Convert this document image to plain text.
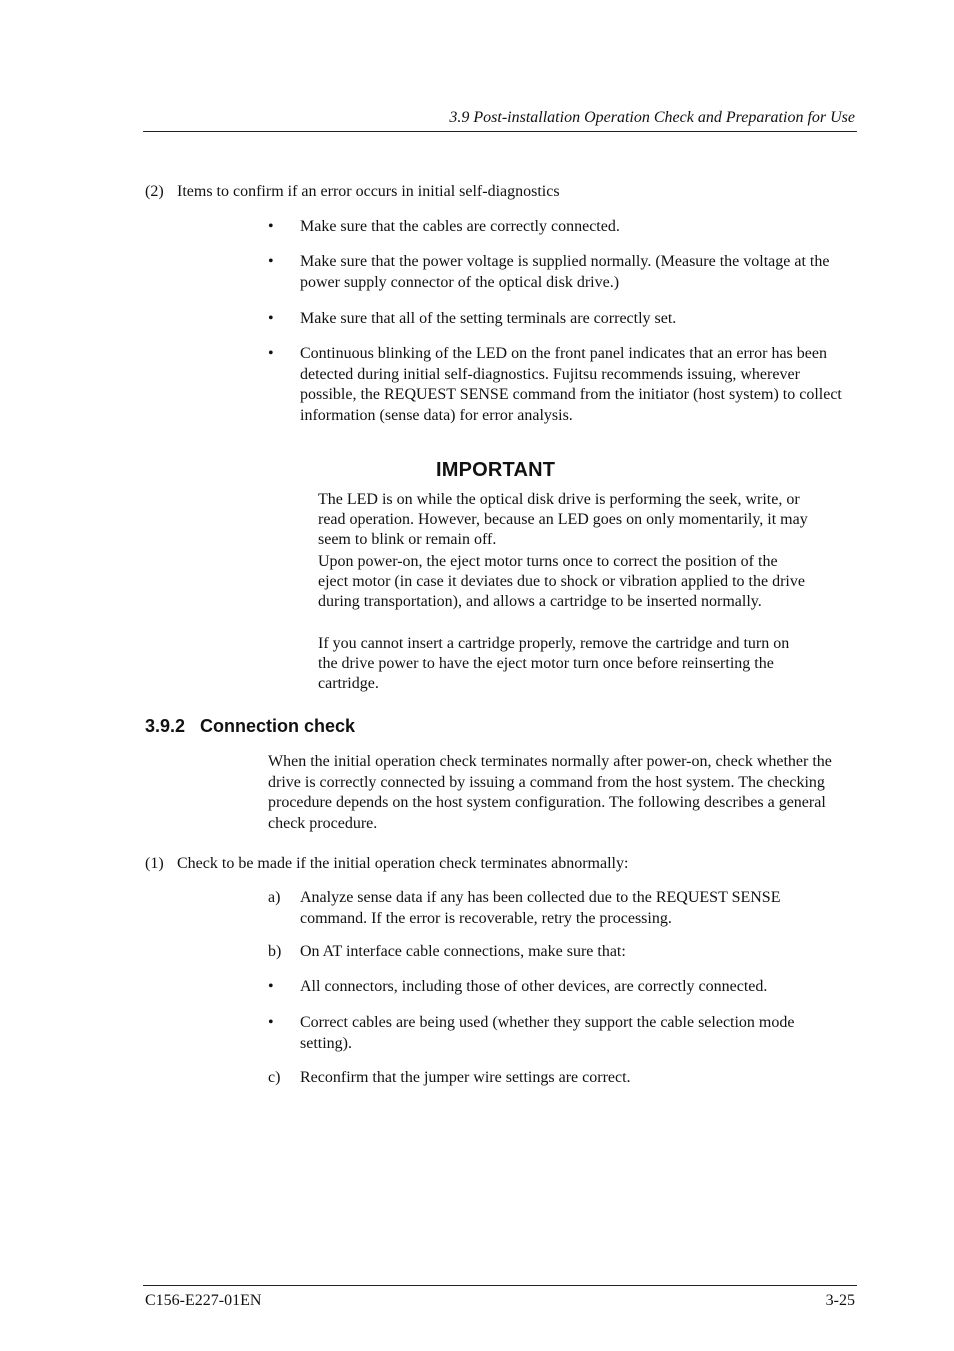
3.9 Post-installation Operation Check and Preparation for Use
(2) Items to confirm if an error occurs in initial self-diagnostics
•	Make sure that the cables are correctly connected.
•	Make sure that the power voltage is supplied normally. (Measure the voltage at the power supply connector of the optical disk drive.)
•	Make sure that all of the setting terminals are correctly set.
•	Continuous blinking of the LED on the front panel indicates that an error has been detected during initial self-diagnostics. Fujitsu recommends issuing, wherever possible, the REQUEST SENSE command from the initiator (host system) to collect information (sense data) for error analysis.
IMPORTANT
The LED is on while the optical disk drive is performing the seek, write, or read operation. However, because an LED goes on only momentarily, it may seem to blink or remain off.
Upon power-on, the eject motor turns once to correct the position of the eject motor (in case it deviates due to shock or vibration applied to the drive during transportation), and allows a cartridge to be inserted normally.
If you cannot insert a cartridge properly, remove the cartridge and turn on the drive power to have the eject motor turn once before reinserting the cartridge.
3.9.2 Connection check
When the initial operation check terminates normally after power-on, check whether the drive is correctly connected by issuing a command from the host system. The checking procedure depends on the host system configuration. The following describes a general check procedure.
(1) Check to be made if the initial operation check terminates abnormally:
a)	Analyze sense data if any has been collected due to the REQUEST SENSE command. If the error is recoverable, retry the processing.
b)	On AT interface cable connections, make sure that:
•	All connectors, including those of other devices, are correctly connected.
•	Correct cables are being used (whether they support the cable selection mode setting).
c)	Reconfirm that the jumper wire settings are correct.
C156-E227-01EN	3-25
